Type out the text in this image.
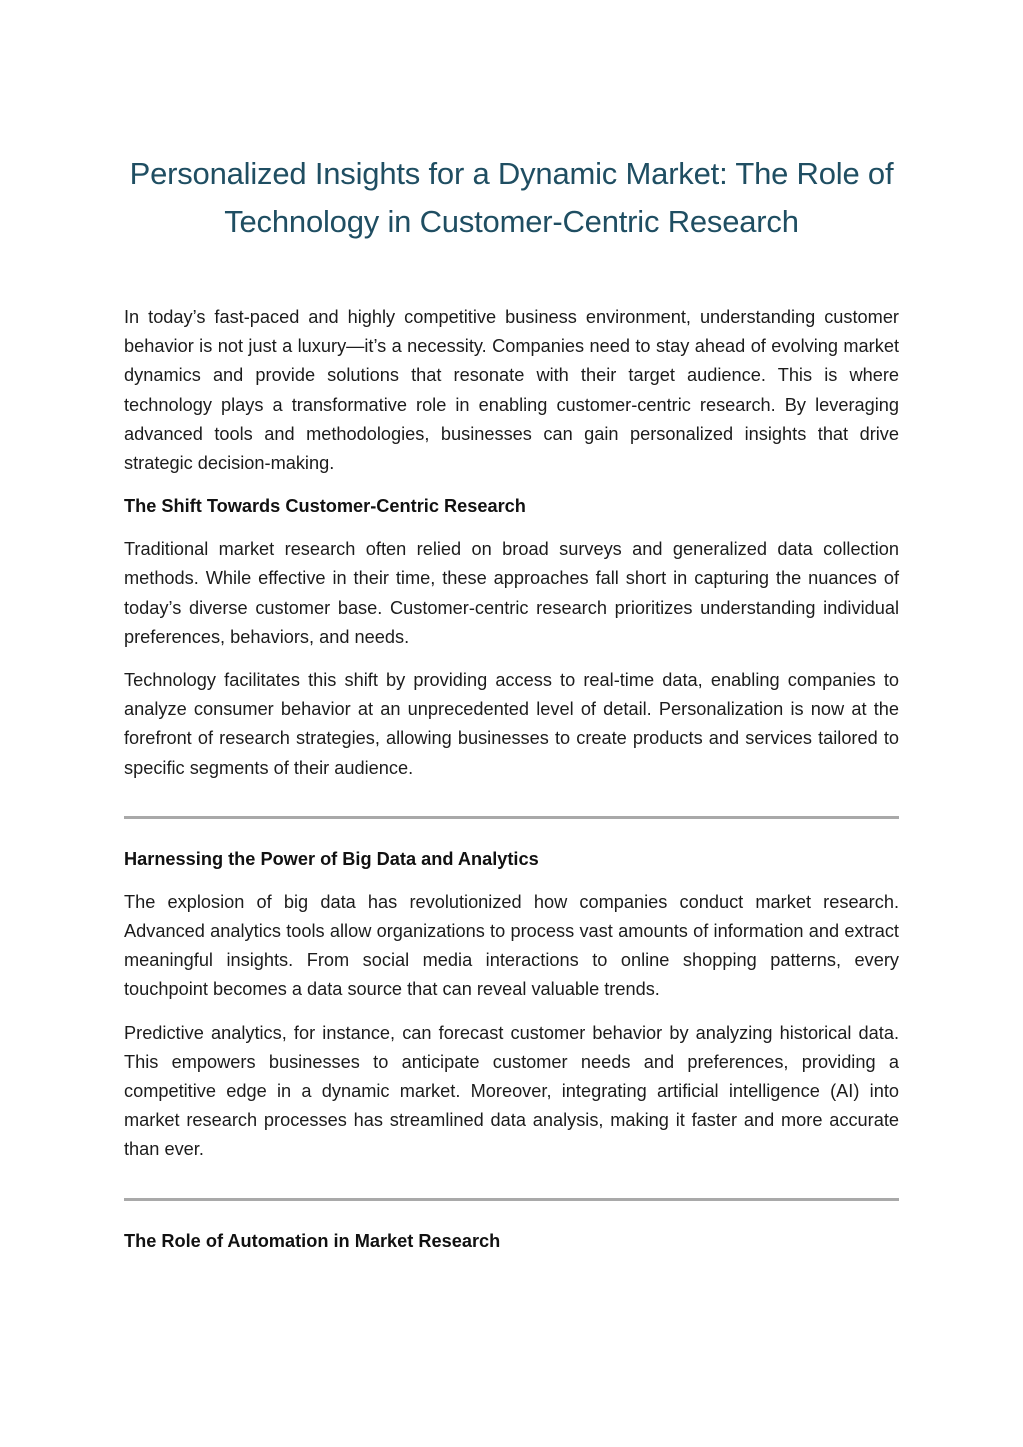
Personalized Insights for a Dynamic Market: The Role of Technology in Customer-Centric Research

In today’s fast-paced and highly competitive business environment, understanding customer behavior is not just a luxury—it’s a necessity. Companies need to stay ahead of evolving market dynamics and provide solutions that resonate with their target audience. This is where technology plays a transformative role in enabling customer-centric research. By leveraging advanced tools and methodologies, businesses can gain personalized insights that drive strategic decision-making.

The Shift Towards Customer-Centric Research

Traditional market research often relied on broad surveys and generalized data collection methods. While effective in their time, these approaches fall short in capturing the nuances of today’s diverse customer base. Customer-centric research prioritizes understanding individual preferences, behaviors, and needs.

Technology facilitates this shift by providing access to real-time data, enabling companies to analyze consumer behavior at an unprecedented level of detail. Personalization is now at the forefront of research strategies, allowing businesses to create products and services tailored to specific segments of their audience.

Harnessing the Power of Big Data and Analytics

The explosion of big data has revolutionized how companies conduct market research. Advanced analytics tools allow organizations to process vast amounts of information and extract meaningful insights. From social media interactions to online shopping patterns, every touchpoint becomes a data source that can reveal valuable trends.

Predictive analytics, for instance, can forecast customer behavior by analyzing historical data. This empowers businesses to anticipate customer needs and preferences, providing a competitive edge in a dynamic market. Moreover, integrating artificial intelligence (AI) into market research processes has streamlined data analysis, making it faster and more accurate than ever.

The Role of Automation in Market Research
